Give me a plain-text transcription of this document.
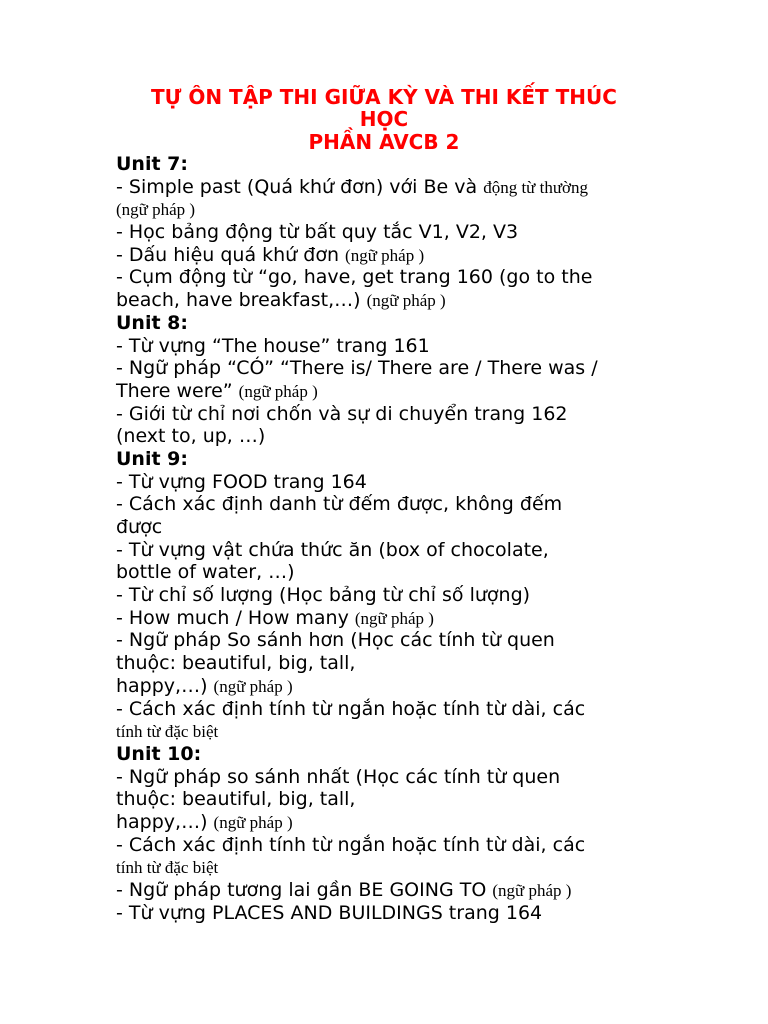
TỰ ÔN TẬP THI GIỮA KỲ VÀ THI KẾT THÚC
HỌC
PHẦN AVCB 2
Unit 7:
- Simple past (Quá khứ đơn) với Be và động từ thường
(ngữ pháp )
- Học bảng động từ bất quy tắc V1, V2, V3
- Dấu hiệu quá khứ đơn (ngữ pháp )
- Cụm động từ “go, have, get trang 160 (go to the
beach, have breakfast,…) (ngữ pháp )
Unit 8:
- Từ vựng “The house” trang 161
- Ngữ pháp “CÓ” “There is/ There are / There was /
There were” (ngữ pháp )
- Giới từ chỉ nơi chốn và sự di chuyển trang 162
(next to, up, …)
Unit 9:
- Từ vựng FOOD trang 164
- Cách xác định danh từ đếm được, không đếm
được
- Từ vựng vật chứa thức ăn (box of chocolate,
bottle of water, …)
- Từ chỉ số lượng (Học bảng từ chỉ số lượng)
- How much / How many (ngữ pháp )
- Ngữ pháp So sánh hơn (Học các tính từ quen
thuộc: beautiful, big, tall,
happy,…) (ngữ pháp )
- Cách xác định tính từ ngắn hoặc tính từ dài, các
tính từ đặc biệt
Unit 10:
- Ngữ pháp so sánh nhất (Học các tính từ quen
thuộc: beautiful, big, tall,
happy,…) (ngữ pháp )
- Cách xác định tính từ ngắn hoặc tính từ dài, các
tính từ đặc biệt
- Ngữ pháp tương lai gần BE GOING TO (ngữ pháp )
- Từ vựng PLACES AND BUILDINGS trang 164
